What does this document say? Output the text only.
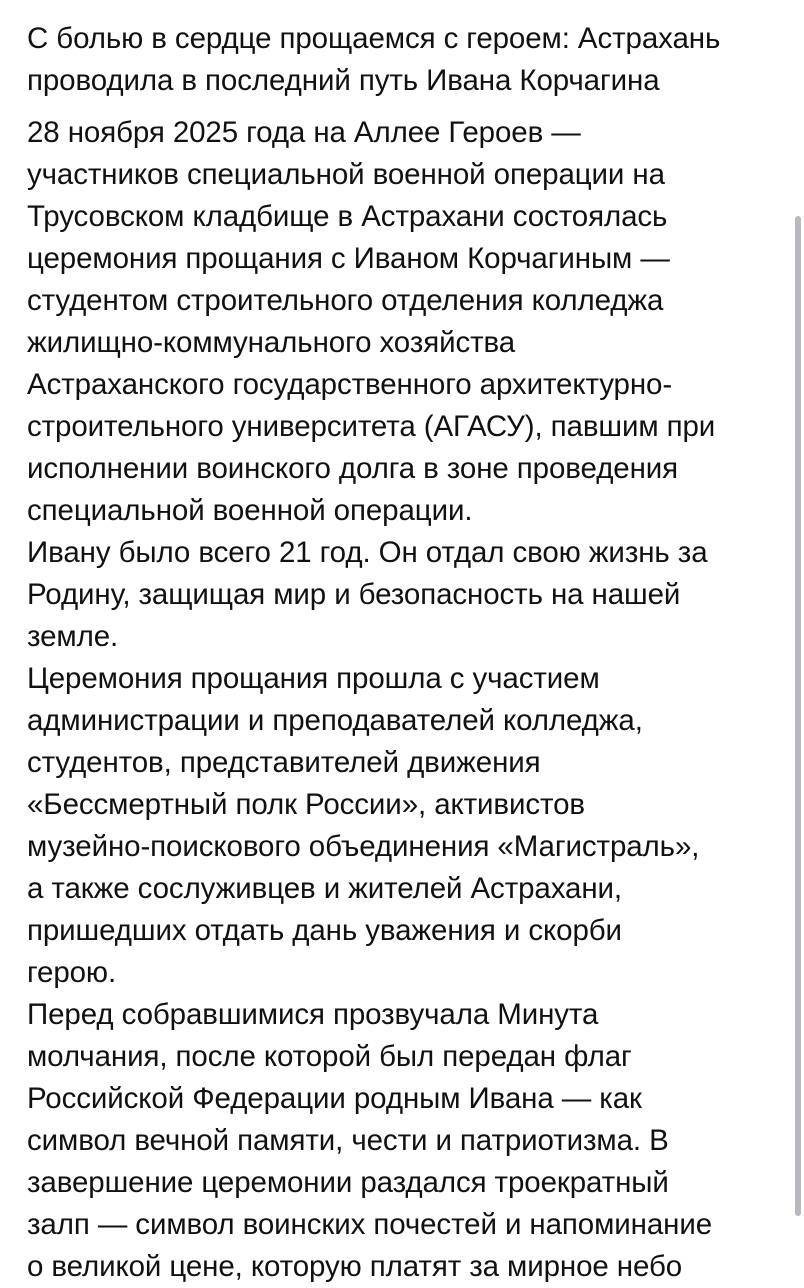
С болью в сердце прощаемся с героем: Астрахань
проводила в последний путь Ивана Корчагина

28 ноября 2025 года на Аллее Героев —
участников специальной военной операции на
Трусовском кладбище в Астрахани состоялась
церемония прощания с Иваном Корчагиным —
студентом строительного отделения колледжа
жилищно-коммунального хозяйства
Астраханского государственного архитектурно-
строительного университета (АГАСУ), павшим при
исполнении воинского долга в зоне проведения
специальной военной операции.

Ивану было всего 21 год. Он отдал свою жизнь за
Родину, защищая мир и безопасность на нашей
земле.

Церемония прощания прошла с участием
администрации и преподавателей колледжа,
студентов, представителей движения
«Бессмертный полк России», активистов
музейно-поискового объединения «Магистраль»,
а также сослуживцев и жителей Астрахани,
пришедших отдать дань уважения и скорби
герою.

Перед собравшимися прозвучала Минута
молчания, после которой был передан флаг
Российской Федерации родным Ивана — как
символ вечной памяти, чести и патриотизма. В
завершение церемонии раздался троекратный
залп — символ воинских почестей и напоминание
о великой цене, которую платят за мирное небо
